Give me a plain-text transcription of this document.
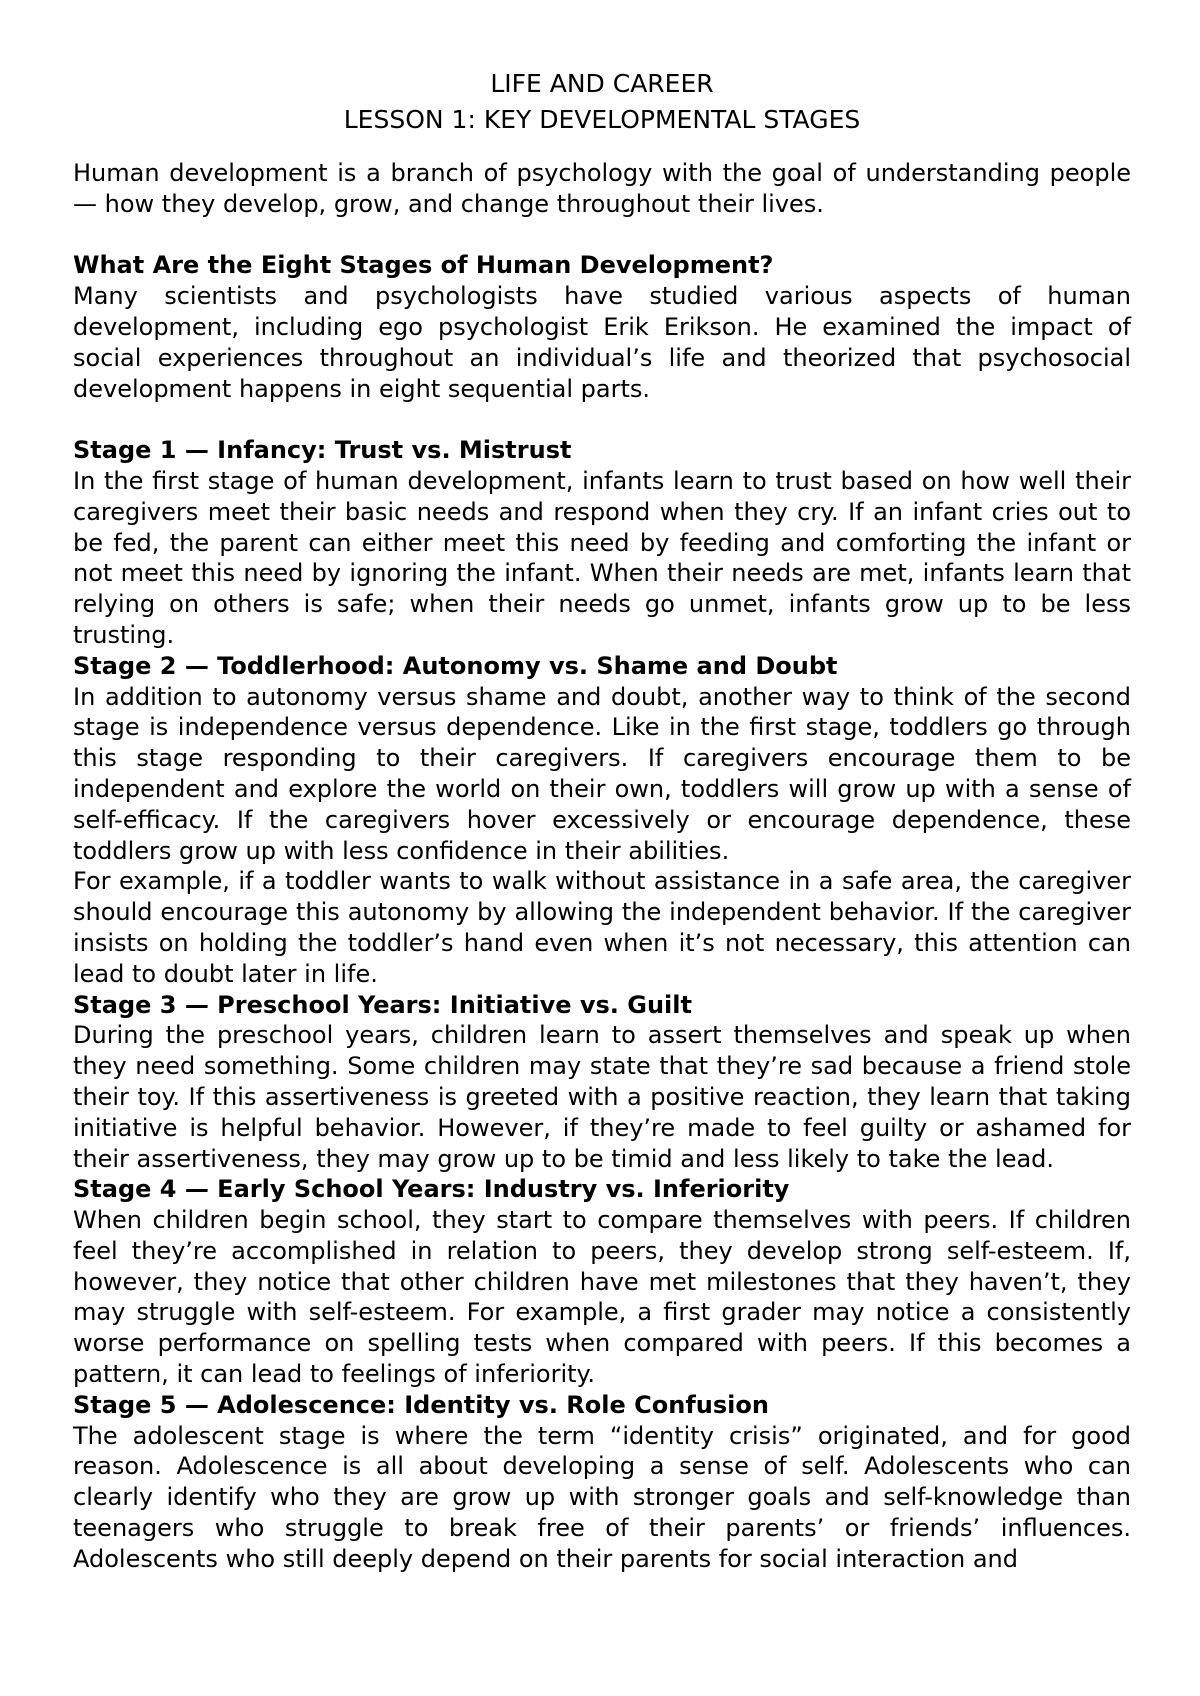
LIFE AND CAREER
LESSON 1: KEY DEVELOPMENTAL STAGES

Human development is a branch of psychology with the goal of understanding people — how they develop, grow, and change throughout their lives.

What Are the Eight Stages of Human Development?

Many scientists and psychologists have studied various aspects of human development, including ego psychologist Erik Erikson. He examined the impact of social experiences throughout an individual’s life and theorized that psychosocial development happens in eight sequential parts.

Stage 1 — Infancy: Trust vs. Mistrust

In the first stage of human development, infants learn to trust based on how well their caregivers meet their basic needs and respond when they cry. If an infant cries out to be fed, the parent can either meet this need by feeding and comforting the infant or not meet this need by ignoring the infant. When their needs are met, infants learn that relying on others is safe; when their needs go unmet, infants grow up to be less trusting.

Stage 2 — Toddlerhood: Autonomy vs. Shame and Doubt

In addition to autonomy versus shame and doubt, another way to think of the second stage is independence versus dependence. Like in the first stage, toddlers go through this stage responding to their caregivers. If caregivers encourage them to be independent and explore the world on their own, toddlers will grow up with a sense of self-efficacy. If the caregivers hover excessively or encourage dependence, these toddlers grow up with less confidence in their abilities.

For example, if a toddler wants to walk without assistance in a safe area, the caregiver should encourage this autonomy by allowing the independent behavior. If the caregiver insists on holding the toddler’s hand even when it’s not necessary, this attention can lead to doubt later in life.

Stage 3 — Preschool Years: Initiative vs. Guilt

During the preschool years, children learn to assert themselves and speak up when they need something. Some children may state that they’re sad because a friend stole their toy. If this assertiveness is greeted with a positive reaction, they learn that taking initiative is helpful behavior. However, if they’re made to feel guilty or ashamed for their assertiveness, they may grow up to be timid and less likely to take the lead.

Stage 4 — Early School Years: Industry vs. Inferiority

When children begin school, they start to compare themselves with peers. If children feel they’re accomplished in relation to peers, they develop strong self-esteem. If, however, they notice that other children have met milestones that they haven’t, they may struggle with self-esteem. For example, a first grader may notice a consistently worse performance on spelling tests when compared with peers. If this becomes a pattern, it can lead to feelings of inferiority.

Stage 5 — Adolescence: Identity vs. Role Confusion

The adolescent stage is where the term “identity crisis” originated, and for good reason. Adolescence is all about developing a sense of self. Adolescents who can clearly identify who they are grow up with stronger goals and self-knowledge than teenagers who struggle to break free of their parents’ or friends’ influences. Adolescents who still deeply depend on their parents for social interaction and
